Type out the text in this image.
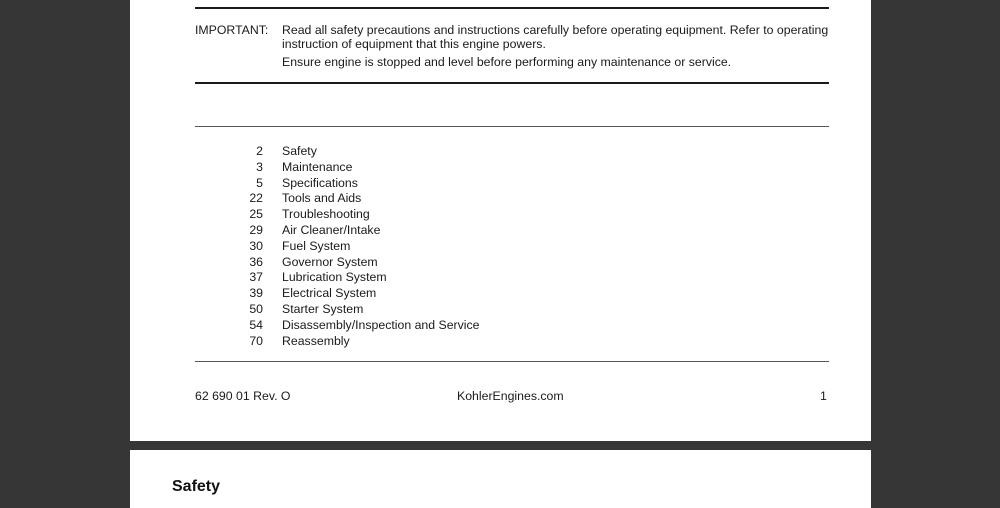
IMPORTANT: Read all safety precautions and instructions carefully before operating equipment. Refer to operating instruction of equipment that this engine powers.

Ensure engine is stopped and level before performing any maintenance or service.

2 Safety
3 Maintenance
5 Specifications
22 Tools and Aids
25 Troubleshooting
29 Air Cleaner/Intake
30 Fuel System
36 Governor System
37 Lubrication System
39 Electrical System
50 Starter System
54 Disassembly/Inspection and Service
70 Reassembly
62 690 01 Rev. O	KohlerEngines.com	1
Safety
